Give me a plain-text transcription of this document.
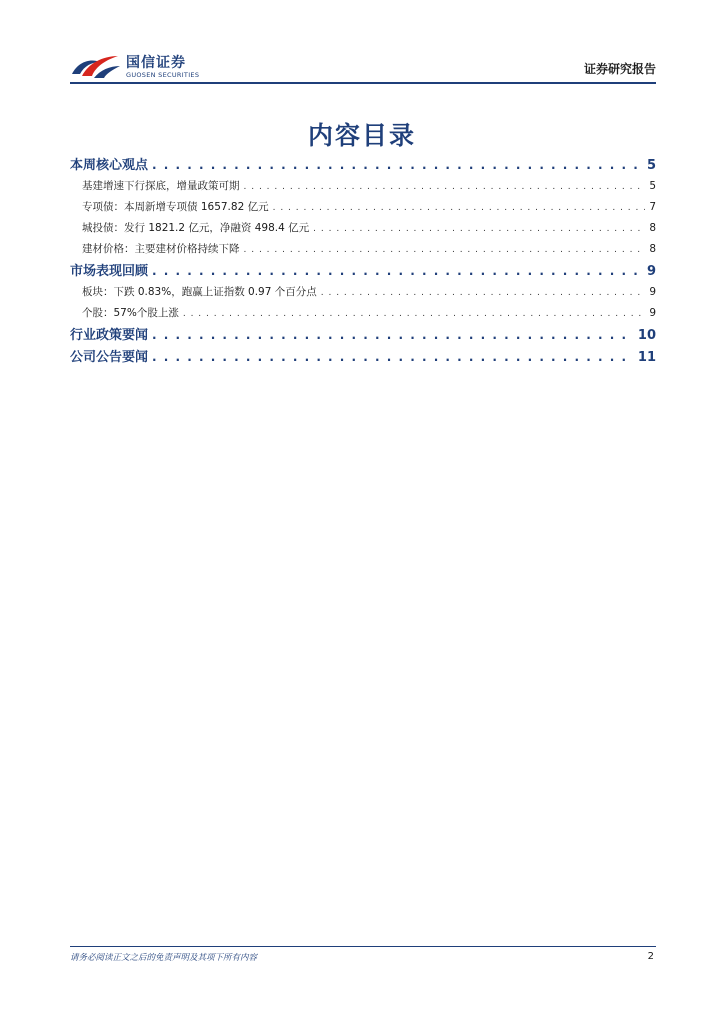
国信证券
GUOSEN SECURITIES	证券研究报告
内容目录
本周核心观点 . . .	5
基建增速下行探底，增量政策可期 . . .	5
专项债：本周新增专项债 1657.82 亿元 . . .	7
城投债：发行 1821.2 亿元，净融资 498.4 亿元 . . .	8
建材价格：主要建材价格持续下降 . . .	8
市场表现回顾 . . .	9
板块：下跌 0.83%，跑赢上证指数 0.97 个百分点 . . .	9
个股：57%个股上涨 . . .	9
行业政策要闻 . . .	10
公司公告要闻 . . .	11
请务必阅读正文之后的免责声明及其项下所有内容	2
